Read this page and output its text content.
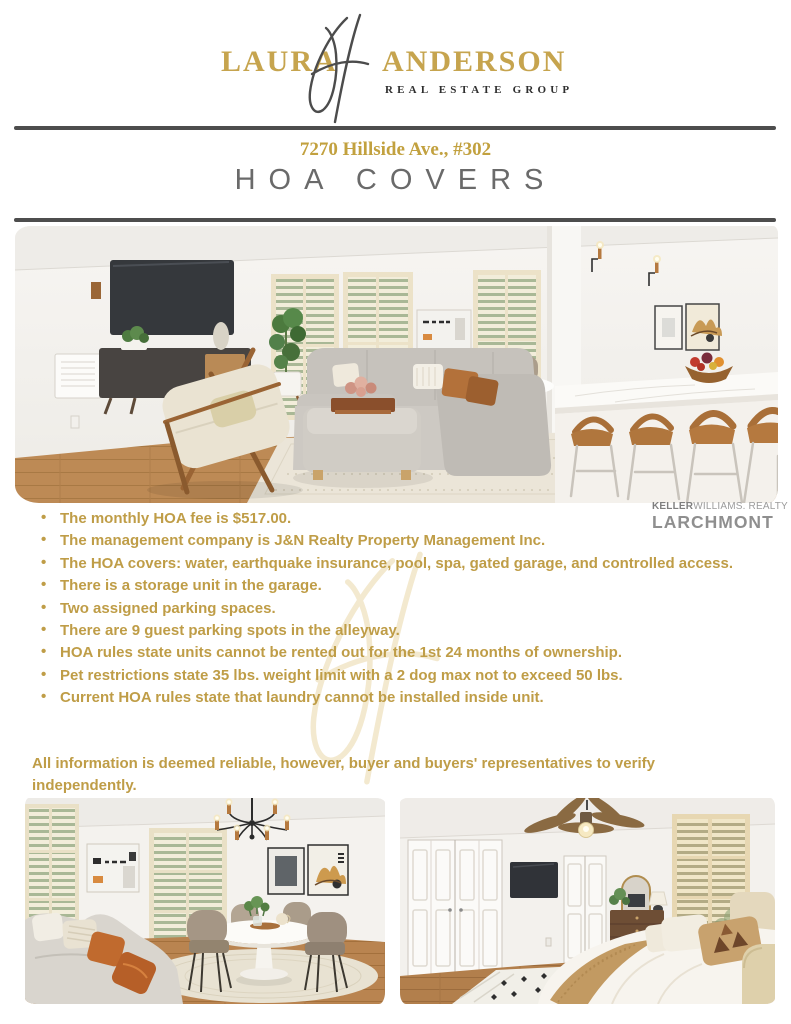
LAURA ANDERSON
REAL ESTATE GROUP
7270 Hillside Ave., #302
HOA COVERS
KELLERWILLIAMS. REALTY
LARCHMONT
• The monthly HOA fee is $517.00.
• The management company is J&N Realty Property Management Inc.
• The HOA covers: water, earthquake insurance, pool, spa, gated garage, and controlled access.
• There is a storage unit in the garage.
• Two assigned parking spaces.
• There are 9 guest parking spots in the alleyway.
• HOA rules state units cannot be rented out for the 1st 24 months of ownership.
• Pet restrictions state 35 lbs. weight limit with a 2 dog max not to exceed 50 lbs.
• Current HOA rules state that laundry cannot be installed inside unit.
All information is deemed reliable, however, buyer and buyers' representatives to verify independently.
